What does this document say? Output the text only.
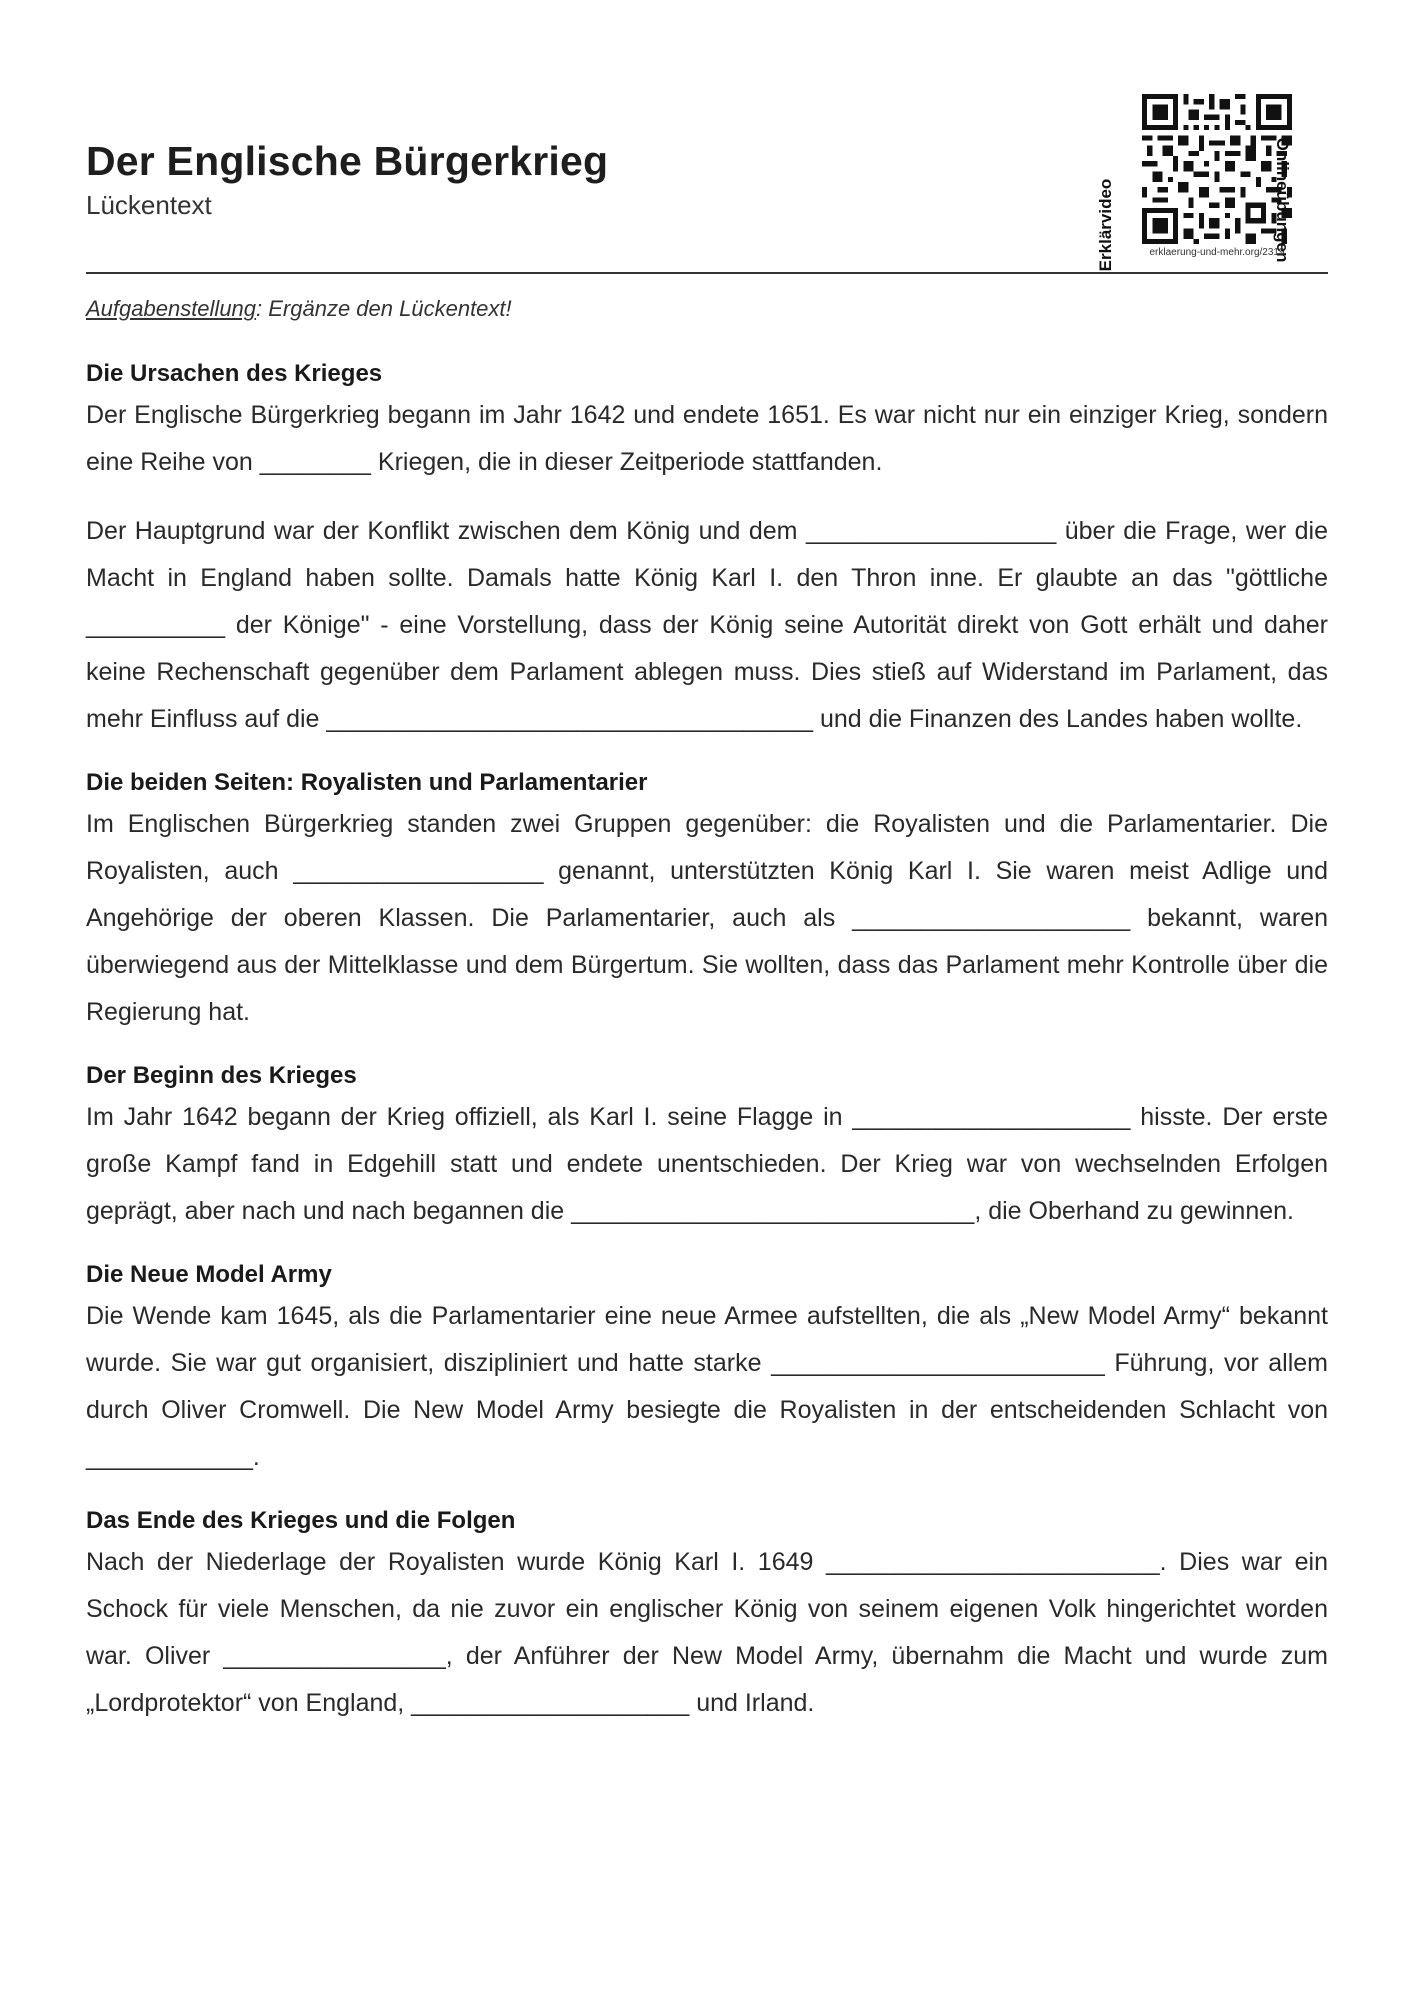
Der Englische Bürgerkrieg
Lückentext	Erklärvideo	Onlineübungen
erklaerung-und-mehr.org/2319
Aufgabenstellung: Ergänze den Lückentext!
Die Ursachen des Krieges

Der Englische Bürgerkrieg begann im Jahr 1642 und endete 1651. Es war nicht nur ein einziger Krieg, sondern eine Reihe von ________ Kriegen, die in dieser Zeitperiode stattfanden.

Der Hauptgrund war der Konflikt zwischen dem König und dem __________________ über die Frage, wer die Macht in England haben sollte. Damals hatte König Karl I. den Thron inne. Er glaubte an das "göttliche __________ der Könige" - eine Vorstellung, dass der König seine Autorität direkt von Gott erhält und daher keine Rechenschaft gegenüber dem Parlament ablegen muss. Dies stieß auf Widerstand im Parlament, das mehr Einfluss auf die ___________________________________ und die Finanzen des Landes haben wollte.

Die beiden Seiten: Royalisten und Parlamentarier

Im Englischen Bürgerkrieg standen zwei Gruppen gegenüber: die Royalisten und die Parlamentarier. Die Royalisten, auch __________________ genannt, unterstützten König Karl I. Sie waren meist Adlige und Angehörige der oberen Klassen. Die Parlamentarier, auch als ____________________ bekannt, waren überwiegend aus der Mittelklasse und dem Bürgertum. Sie wollten, dass das Parlament mehr Kontrolle über die Regierung hat.

Der Beginn des Krieges

Im Jahr 1642 begann der Krieg offiziell, als Karl I. seine Flagge in ____________________ hisste. Der erste große Kampf fand in Edgehill statt und endete unentschieden. Der Krieg war von wechselnden Erfolgen geprägt, aber nach und nach begannen die _____________________________, die Oberhand zu gewinnen.

Die Neue Model Army

Die Wende kam 1645, als die Parlamentarier eine neue Armee aufstellten, die als „New Model Army“ bekannt wurde. Sie war gut organisiert, diszipliniert und hatte starke ________________________ Führung, vor allem durch Oliver Cromwell. Die New Model Army besiegte die Royalisten in der entscheidenden Schlacht von ____________.

Das Ende des Krieges und die Folgen

Nach der Niederlage der Royalisten wurde König Karl I. 1649 ________________________. Dies war ein Schock für viele Menschen, da nie zuvor ein englischer König von seinem eigenen Volk hingerichtet worden war. Oliver ________________, der Anführer der New Model Army, übernahm die Macht und wurde zum „Lordprotektor“ von England, ____________________ und Irland.
